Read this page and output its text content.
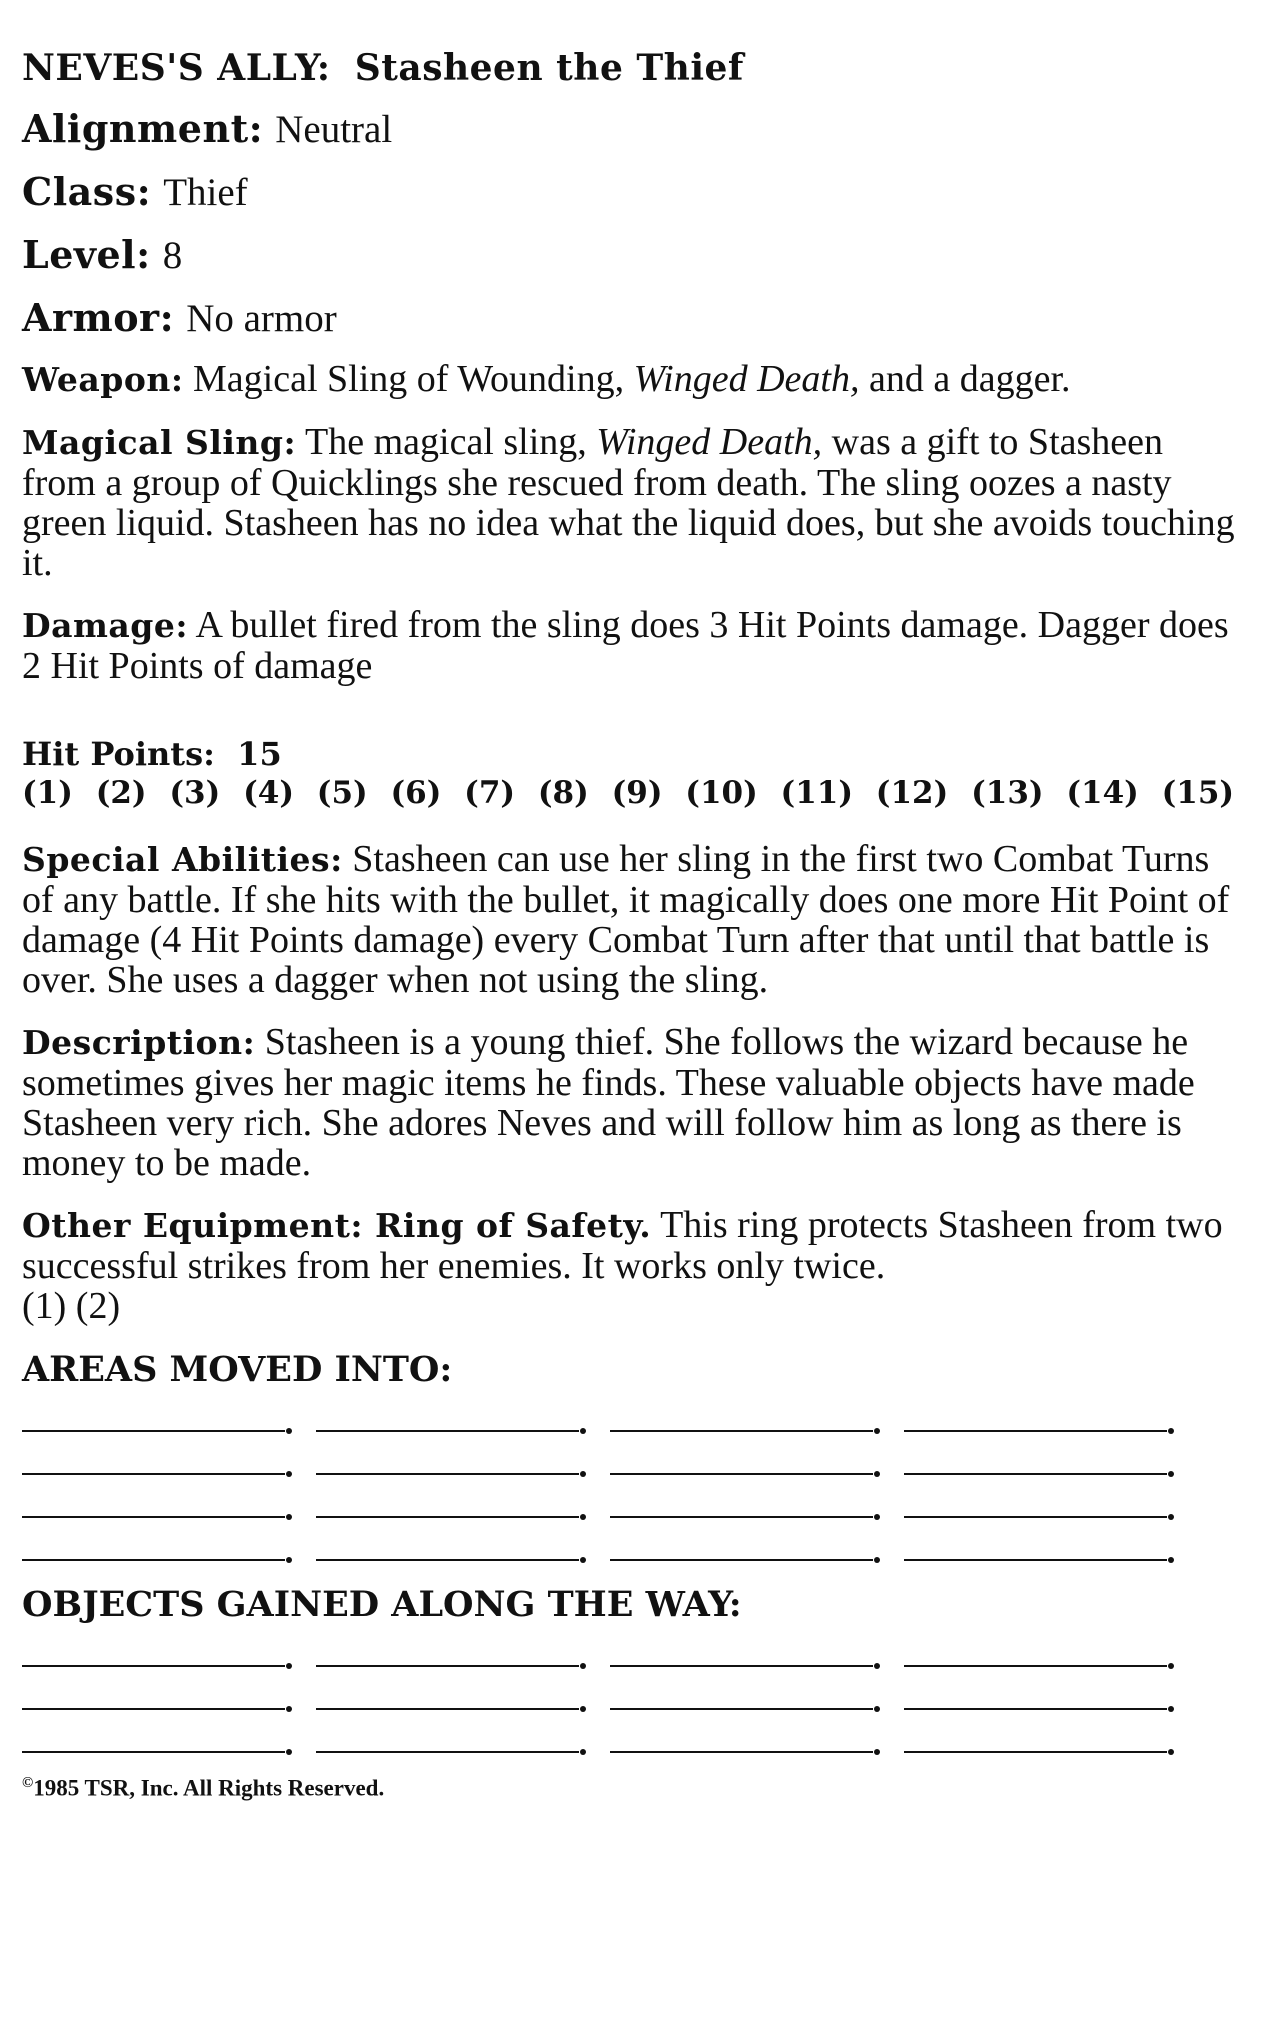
NEVES'S ALLY: Stasheen the Thief

Alignment: Neutral

Class: Thief

Level: 8

Armor: No armor

Weapon: Magical Sling of Wounding, Winged Death, and a dagger.

Magical Sling: The magical sling, Winged Death, was a gift to Stasheen from a group of Quicklings she rescued from death. The sling oozes a nasty green liquid. Stasheen has no idea what the liquid does, but she avoids touching it.

Damage: A bullet fired from the sling does 3 Hit Points damage. Dagger does 2 Hit Points of damage

Hit Points: 15
(1) (2) (3) (4) (5) (6) (7) (8) (9) (10) (11) (12) (13) (14) (15)

Special Abilities: Stasheen can use her sling in the first two Combat Turns of any battle. If she hits with the bullet, it magically does one more Hit Point of damage (4 Hit Points damage) every Combat Turn after that until that battle is over. She uses a dagger when not using the sling.

Description: Stasheen is a young thief. She follows the wizard because he sometimes gives her magic items he finds. These valuable objects have made Stasheen very rich. She adores Neves and will follow him as long as there is money to be made.

Other Equipment: Ring of Safety. This ring protects Stasheen from two successful strikes from her enemies. It works only twice.
(1) (2)

AREAS MOVED INTO:
OBJECTS GAINED ALONG THE WAY:
©1985 TSR, Inc. All Rights Reserved.
